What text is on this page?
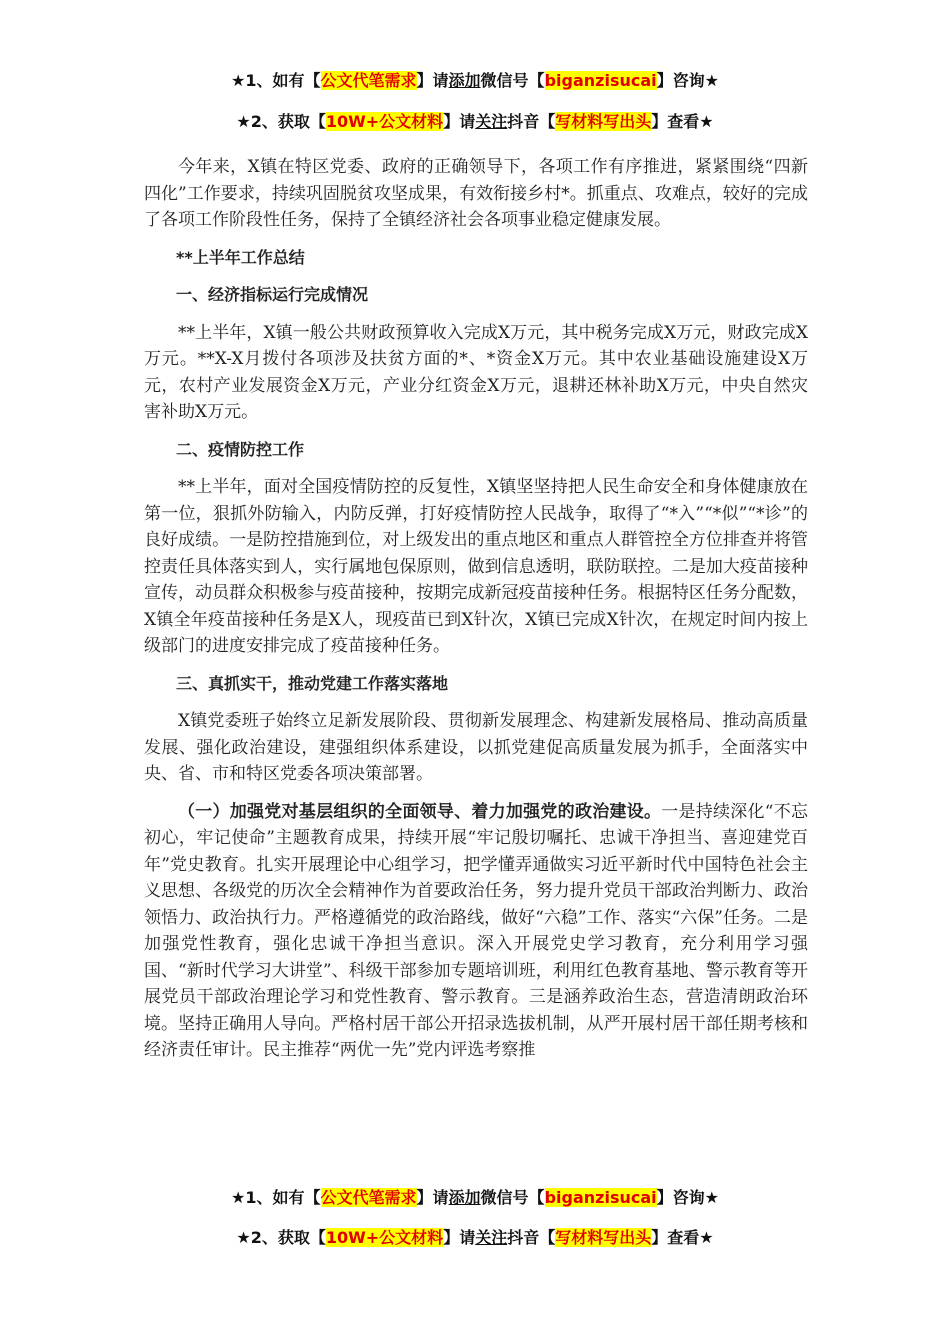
★1、如有【公文代笔需求】请添加微信号【biganzisucai】咨询★
★2、获取【10W+公文材料】请关注抖音【写材料写出头】查看★

今年来，X镇在特区党委、政府的正确领导下，各项工作有序推进，紧紧围绕“四新四化”工作要求，持续巩固脱贫攻坚成果，有效衔接乡村*。抓重点、攻难点，较好的完成了各项工作阶段性任务，保持了全镇经济社会各项事业稳定健康发展。

**上半年工作总结
一、经济指标运行完成情况

**上半年，X镇一般公共财政预算收入完成X万元，其中税务完成X万元，财政完成X万元。**X-X月拨付各项涉及扶贫方面的*、*资金X万元。其中农业基础设施建设X万元，农村产业发展资金X万元，产业分红资金X万元，退耕还林补助X万元，中央自然灾害补助X万元。

二、疫情防控工作

**上半年，面对全国疫情防控的反复性，X镇坚坚持把人民生命安全和身体健康放在第一位，狠抓外防输入，内防反弹，打好疫情防控人民战争，取得了“*入”“*似”“*诊”的良好成绩。一是防控措施到位，对上级发出的重点地区和重点人群管控全方位排查并将管控责任具体落实到人，实行属地包保原则，做到信息透明，联防联控。二是加大疫苗接种宣传，动员群众积极参与疫苗接种，按期完成新冠疫苗接种任务。根据特区任务分配数，X镇全年疫苗接种任务是X人，现疫苗已到X针次，X镇已完成X针次，在规定时间内按上级部门的进度安排完成了疫苗接种任务。

三、真抓实干，推动党建工作落实落地

X镇党委班子始终立足新发展阶段、贯彻新发展理念、构建新发展格局、推动高质量发展、强化政治建设，建强组织体系建设，以抓党建促高质量发展为抓手，全面落实中央、省、市和特区党委各项决策部署。

（一）加强党对基层组织的全面领导、着力加强党的政治建设。一是持续深化“不忘初心，牢记使命”主题教育成果，持续开展“牢记殷切嘱托、忠诚干净担当、喜迎建党百年”党史教育。扎实开展理论中心组学习，把学懂弄通做实习近平新时代中国特色社会主义思想、各级党的历次全会精神作为首要政治任务，努力提升党员干部政治判断力、政治领悟力、政治执行力。严格遵循党的政治路线，做好“六稳”工作、落实“六保”任务。二是加强党性教育，强化忠诚干净担当意识。深入开展党史学习教育，充分利用学习强国、“新时代学习大讲堂”、科级干部参加专题培训班，利用红色教育基地、警示教育等开展党员干部政治理论学习和党性教育、警示教育。三是涵养政治生态，营造清朗政治环境。坚持正确用人导向。严格村居干部公开招录选拔机制，从严开展村居干部任期考核和经济责任审计。民主推荐“两优一先”党内评选考察推

★1、如有【公文代笔需求】请添加微信号【biganzisucai】咨询★
★2、获取【10W+公文材料】请关注抖音【写材料写出头】查看★
